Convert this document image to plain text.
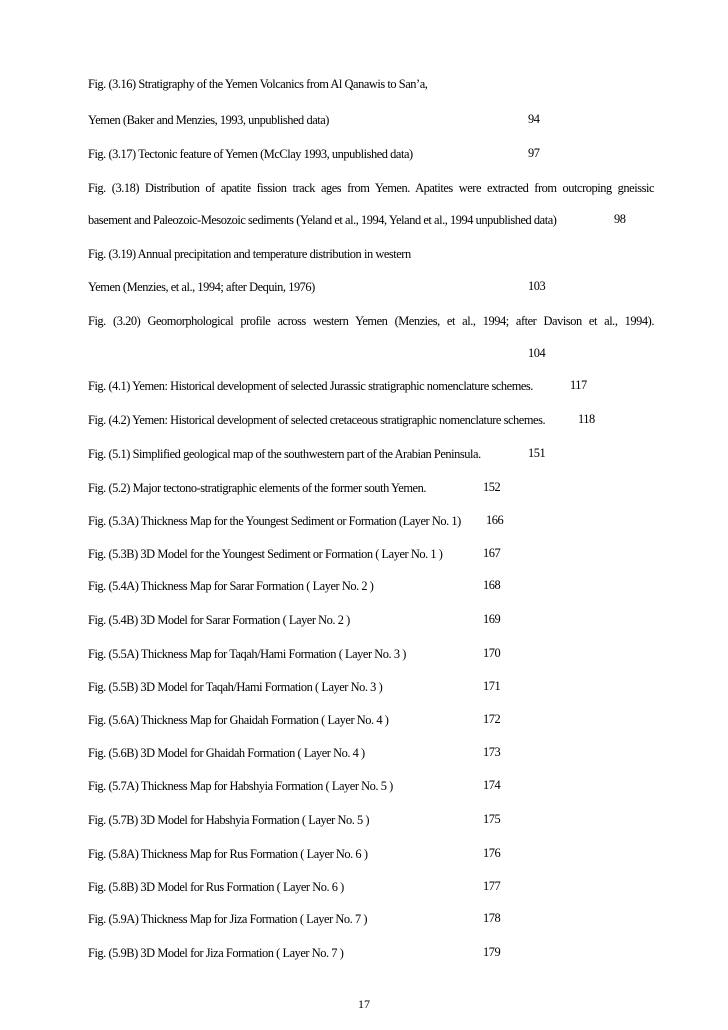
Fig. (3.16) Stratigraphy of the Yemen Volcanics from Al Qanawis to San’a,
Yemen (Baker and Menzies, 1993, unpublished data)	94
Fig. (3.17) Tectonic feature of Yemen (McClay 1993, unpublished data)	97
Fig. (3.18) Distribution of apatite fission track ages from Yemen. Apatites were extracted from outcroping gneissic
basement and Paleozoic-Mesozoic sediments (Yeland et al., 1994, Yeland et al., 1994 unpublished data)	98
Fig. (3.19) Annual precipitation and temperature distribution in western
Yemen (Menzies, et al., 1994; after Dequin, 1976)	103
Fig. (3.20) Geomorphological profile across western Yemen (Menzies, et al., 1994; after Davison et al., 1994).
104
Fig. (4.1) Yemen: Historical development of selected Jurassic stratigraphic nomenclature schemes.	117
Fig. (4.2) Yemen: Historical development of selected cretaceous stratigraphic nomenclature schemes.	118
Fig. (5.1) Simplified geological map of the southwestern part of the Arabian Peninsula.	151
Fig. (5.2) Major tectono-stratigraphic elements of the former south Yemen.	152
Fig. (5.3A) Thickness Map for the Youngest Sediment or Formation (Layer No. 1) 166
Fig. (5.3B) 3D Model for the Youngest Sediment or Formation ( Layer No. 1 )	167
Fig. (5.4A) Thickness Map for Sarar Formation ( Layer No. 2 )	168
Fig. (5.4B) 3D Model for Sarar Formation ( Layer No. 2 )	169
Fig. (5.5A) Thickness Map for Taqah/Hami Formation ( Layer No. 3 )	170
Fig. (5.5B) 3D Model for Taqah/Hami Formation ( Layer No. 3 )	171
Fig. (5.6A) Thickness Map for Ghaidah Formation ( Layer No. 4 )	172
Fig. (5.6B) 3D Model for Ghaidah Formation ( Layer No. 4 )	173
Fig. (5.7A) Thickness Map for Habshyia Formation ( Layer No. 5 )	174
Fig. (5.7B) 3D Model for Habshyia Formation ( Layer No. 5 )	175
Fig. (5.8A) Thickness Map for Rus Formation ( Layer No. 6 )	176
Fig. (5.8B) 3D Model for Rus Formation ( Layer No. 6 )	177
Fig. (5.9A) Thickness Map for Jiza Formation ( Layer No. 7 )	178
Fig. (5.9B) 3D Model for Jiza Formation ( Layer No. 7 )	179
17
